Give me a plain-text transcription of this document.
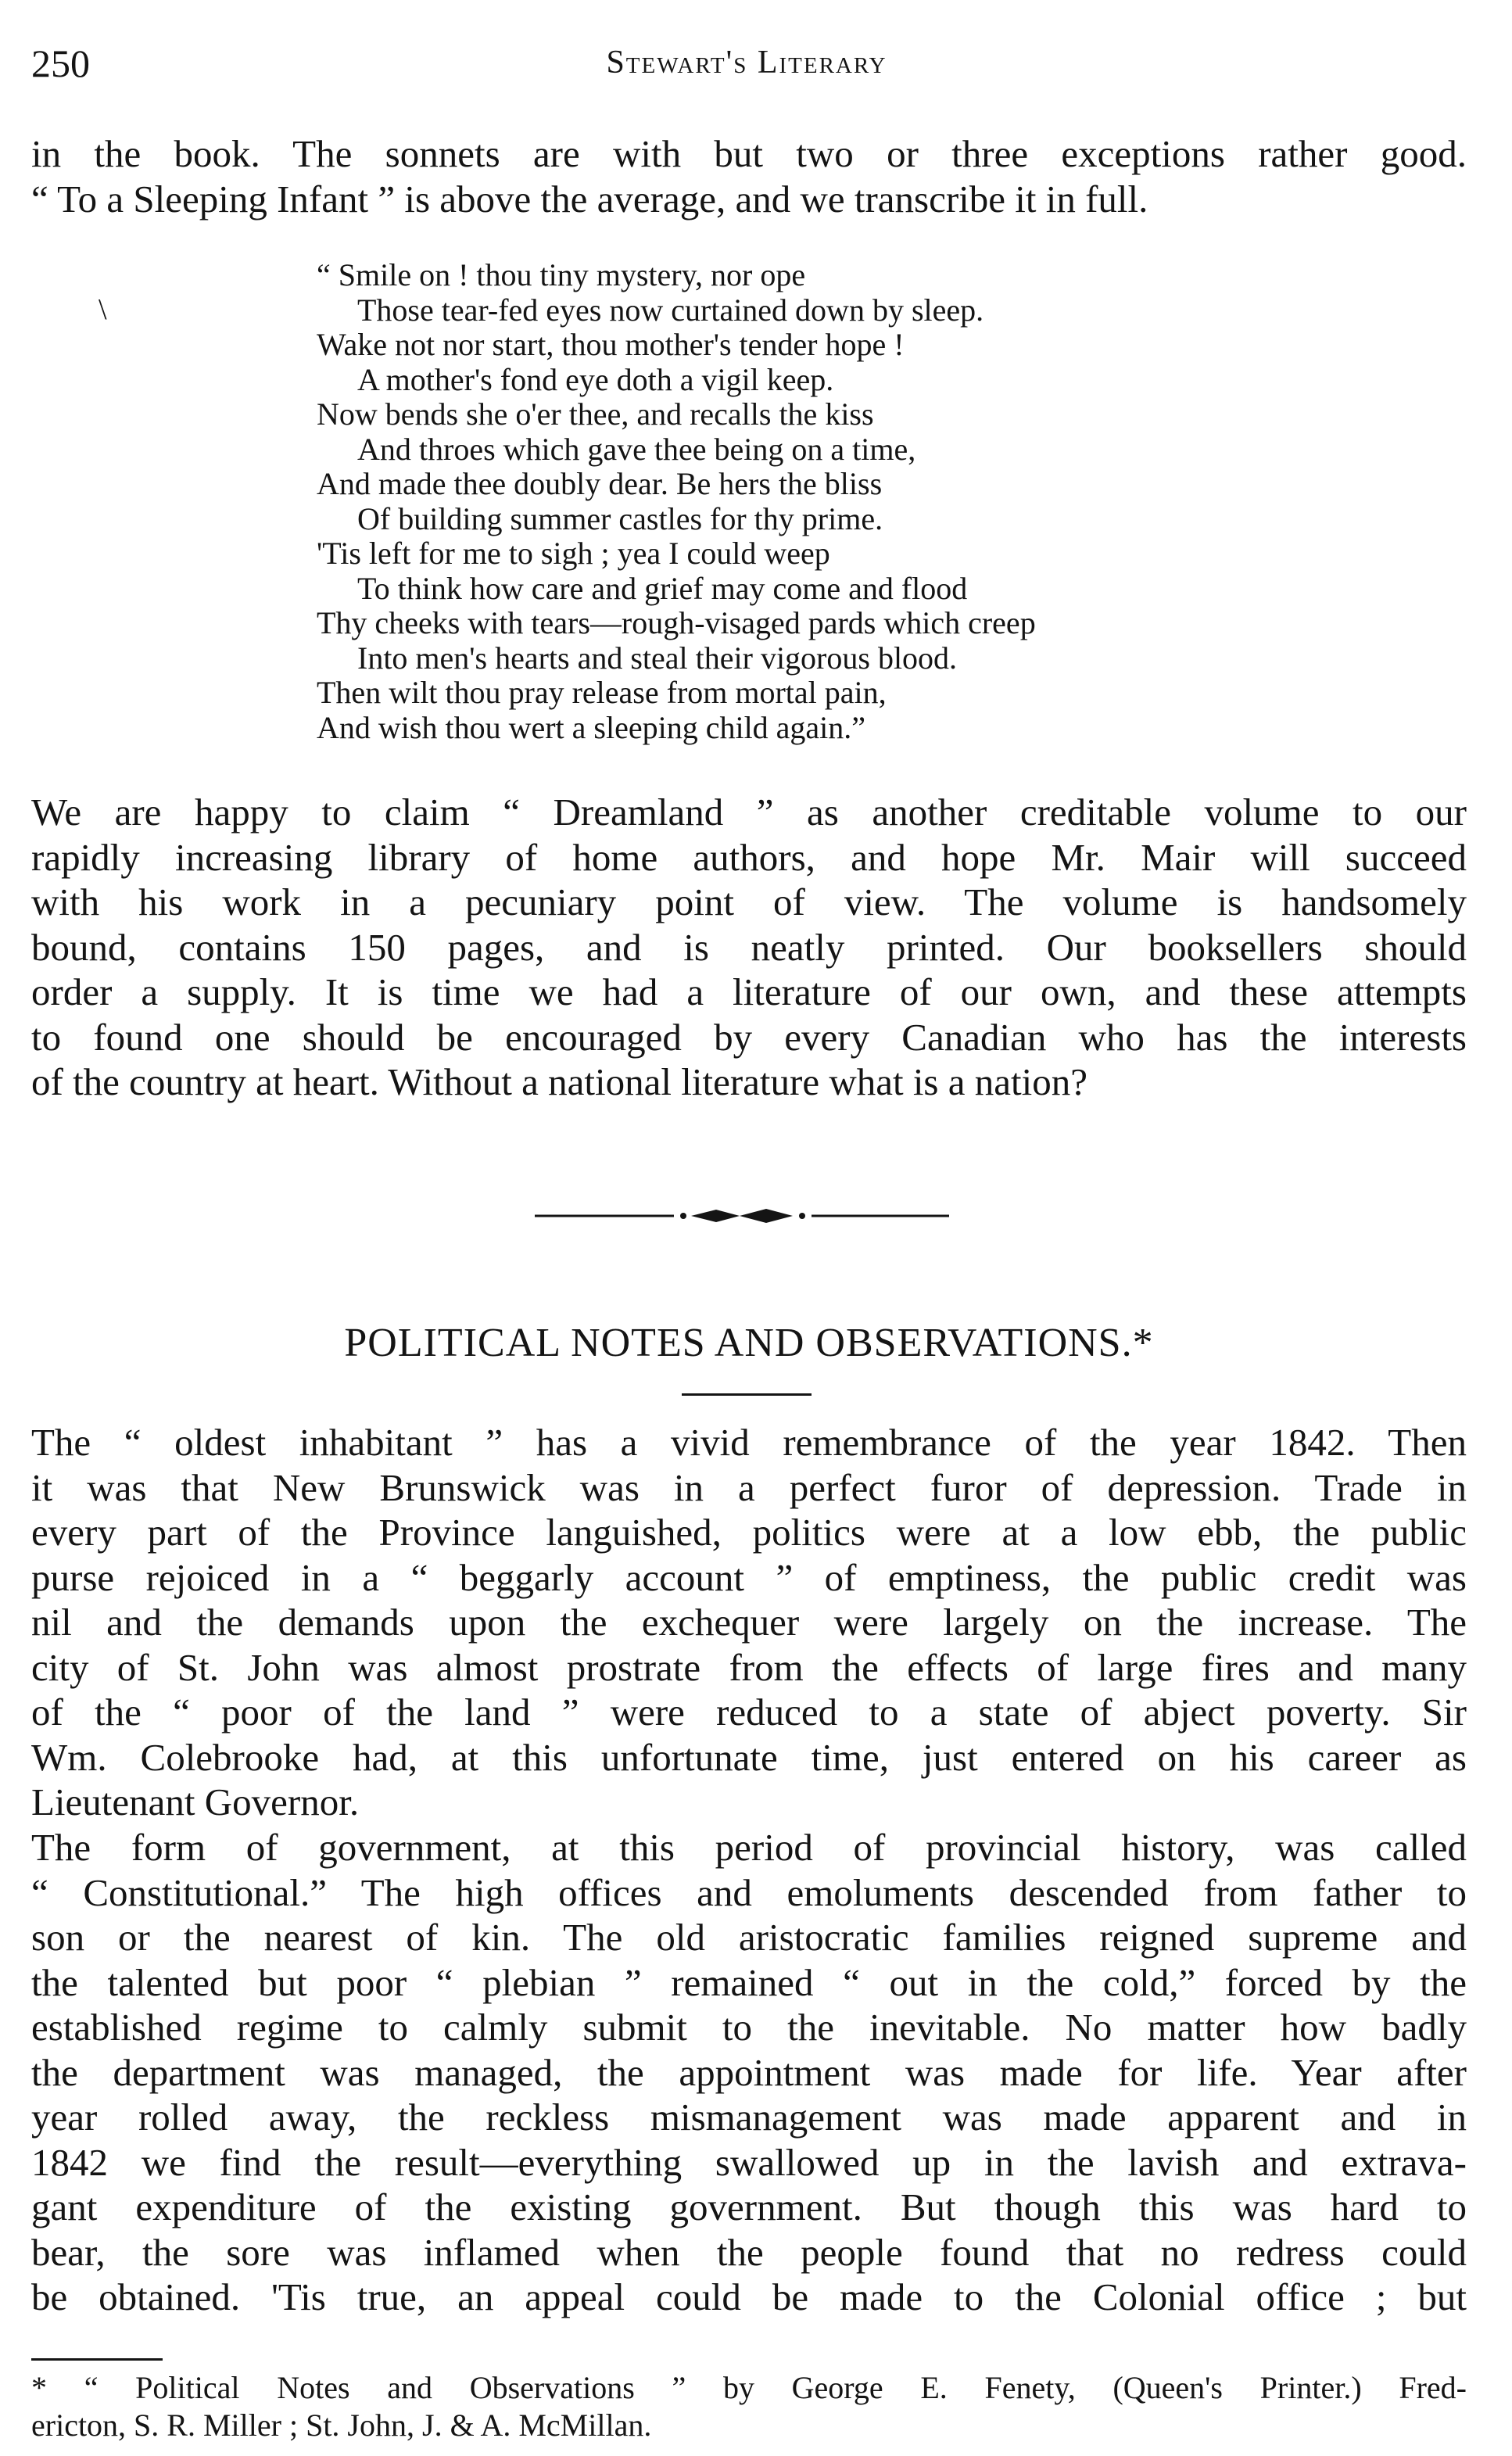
250	Stewart's Literary

in the book. The sonnets are with but two or three exceptions rather good.
“ To a Sleeping Infant ” is above the average, and we transcribe it in full.

\
“ Smile on ! thou tiny mystery, nor ope
Those tear-fed eyes now curtained down by sleep.
Wake not nor start, thou mother's tender hope !
A mother's fond eye doth a vigil keep.
Now bends she o'er thee, and recalls the kiss
And throes which gave thee being on a time,
And made thee doubly dear. Be hers the bliss
Of building summer castles for thy prime.
'Tis left for me to sigh ; yea I could weep
To think how care and grief may come and flood
Thy cheeks with tears—rough-visaged pards which creep
Into men's hearts and steal their vigorous blood.
Then wilt thou pray release from mortal pain,
And wish thou wert a sleeping child again.”

We are happy to claim “ Dreamland ” as another creditable volume to our
rapidly increasing library of home authors, and hope Mr. Mair will succeed
with his work in a pecuniary point of view. The volume is handsomely
bound, contains 150 pages, and is neatly printed. Our booksellers should
order a supply. It is time we had a literature of our own, and these attempts
to found one should be encouraged by every Canadian who has the interests
of the country at heart. Without a national literature what is a nation?

POLITICAL NOTES AND OBSERVATIONS.*

The “ oldest inhabitant ” has a vivid remembrance of the year 1842. Then
it was that New Brunswick was in a perfect furor of depression. Trade in
every part of the Province languished, politics were at a low ebb, the public
purse rejoiced in a “ beggarly account ” of emptiness, the public credit was
nil and the demands upon the exchequer were largely on the increase. The
city of St. John was almost prostrate from the effects of large fires and many
of the “ poor of the land ” were reduced to a state of abject poverty. Sir
Wm. Colebrooke had, at this unfortunate time, just entered on his career as
Lieutenant Governor.

The form of government, at this period of provincial history, was called
“ Constitutional.” The high offices and emoluments descended from father to
son or the nearest of kin. The old aristocratic families reigned supreme and
the talented but poor “ plebian ” remained “ out in the cold,” forced by the
established regime to calmly submit to the inevitable. No matter how badly
the department was managed, the appointment was made for life. Year after
year rolled away, the reckless mismanagement was made apparent and in
1842 we find the result—everything swallowed up in the lavish and extrava-
gant expenditure of the existing government. But though this was hard to
bear, the sore was inflamed when the people found that no redress could
be obtained. 'Tis true, an appeal could be made to the Colonial office ; but

* “ Political Notes and Observations ” by George E. Fenety, (Queen's Printer.) Fred-
ericton, S. R. Miller ; St. John, J. & A. McMillan.
